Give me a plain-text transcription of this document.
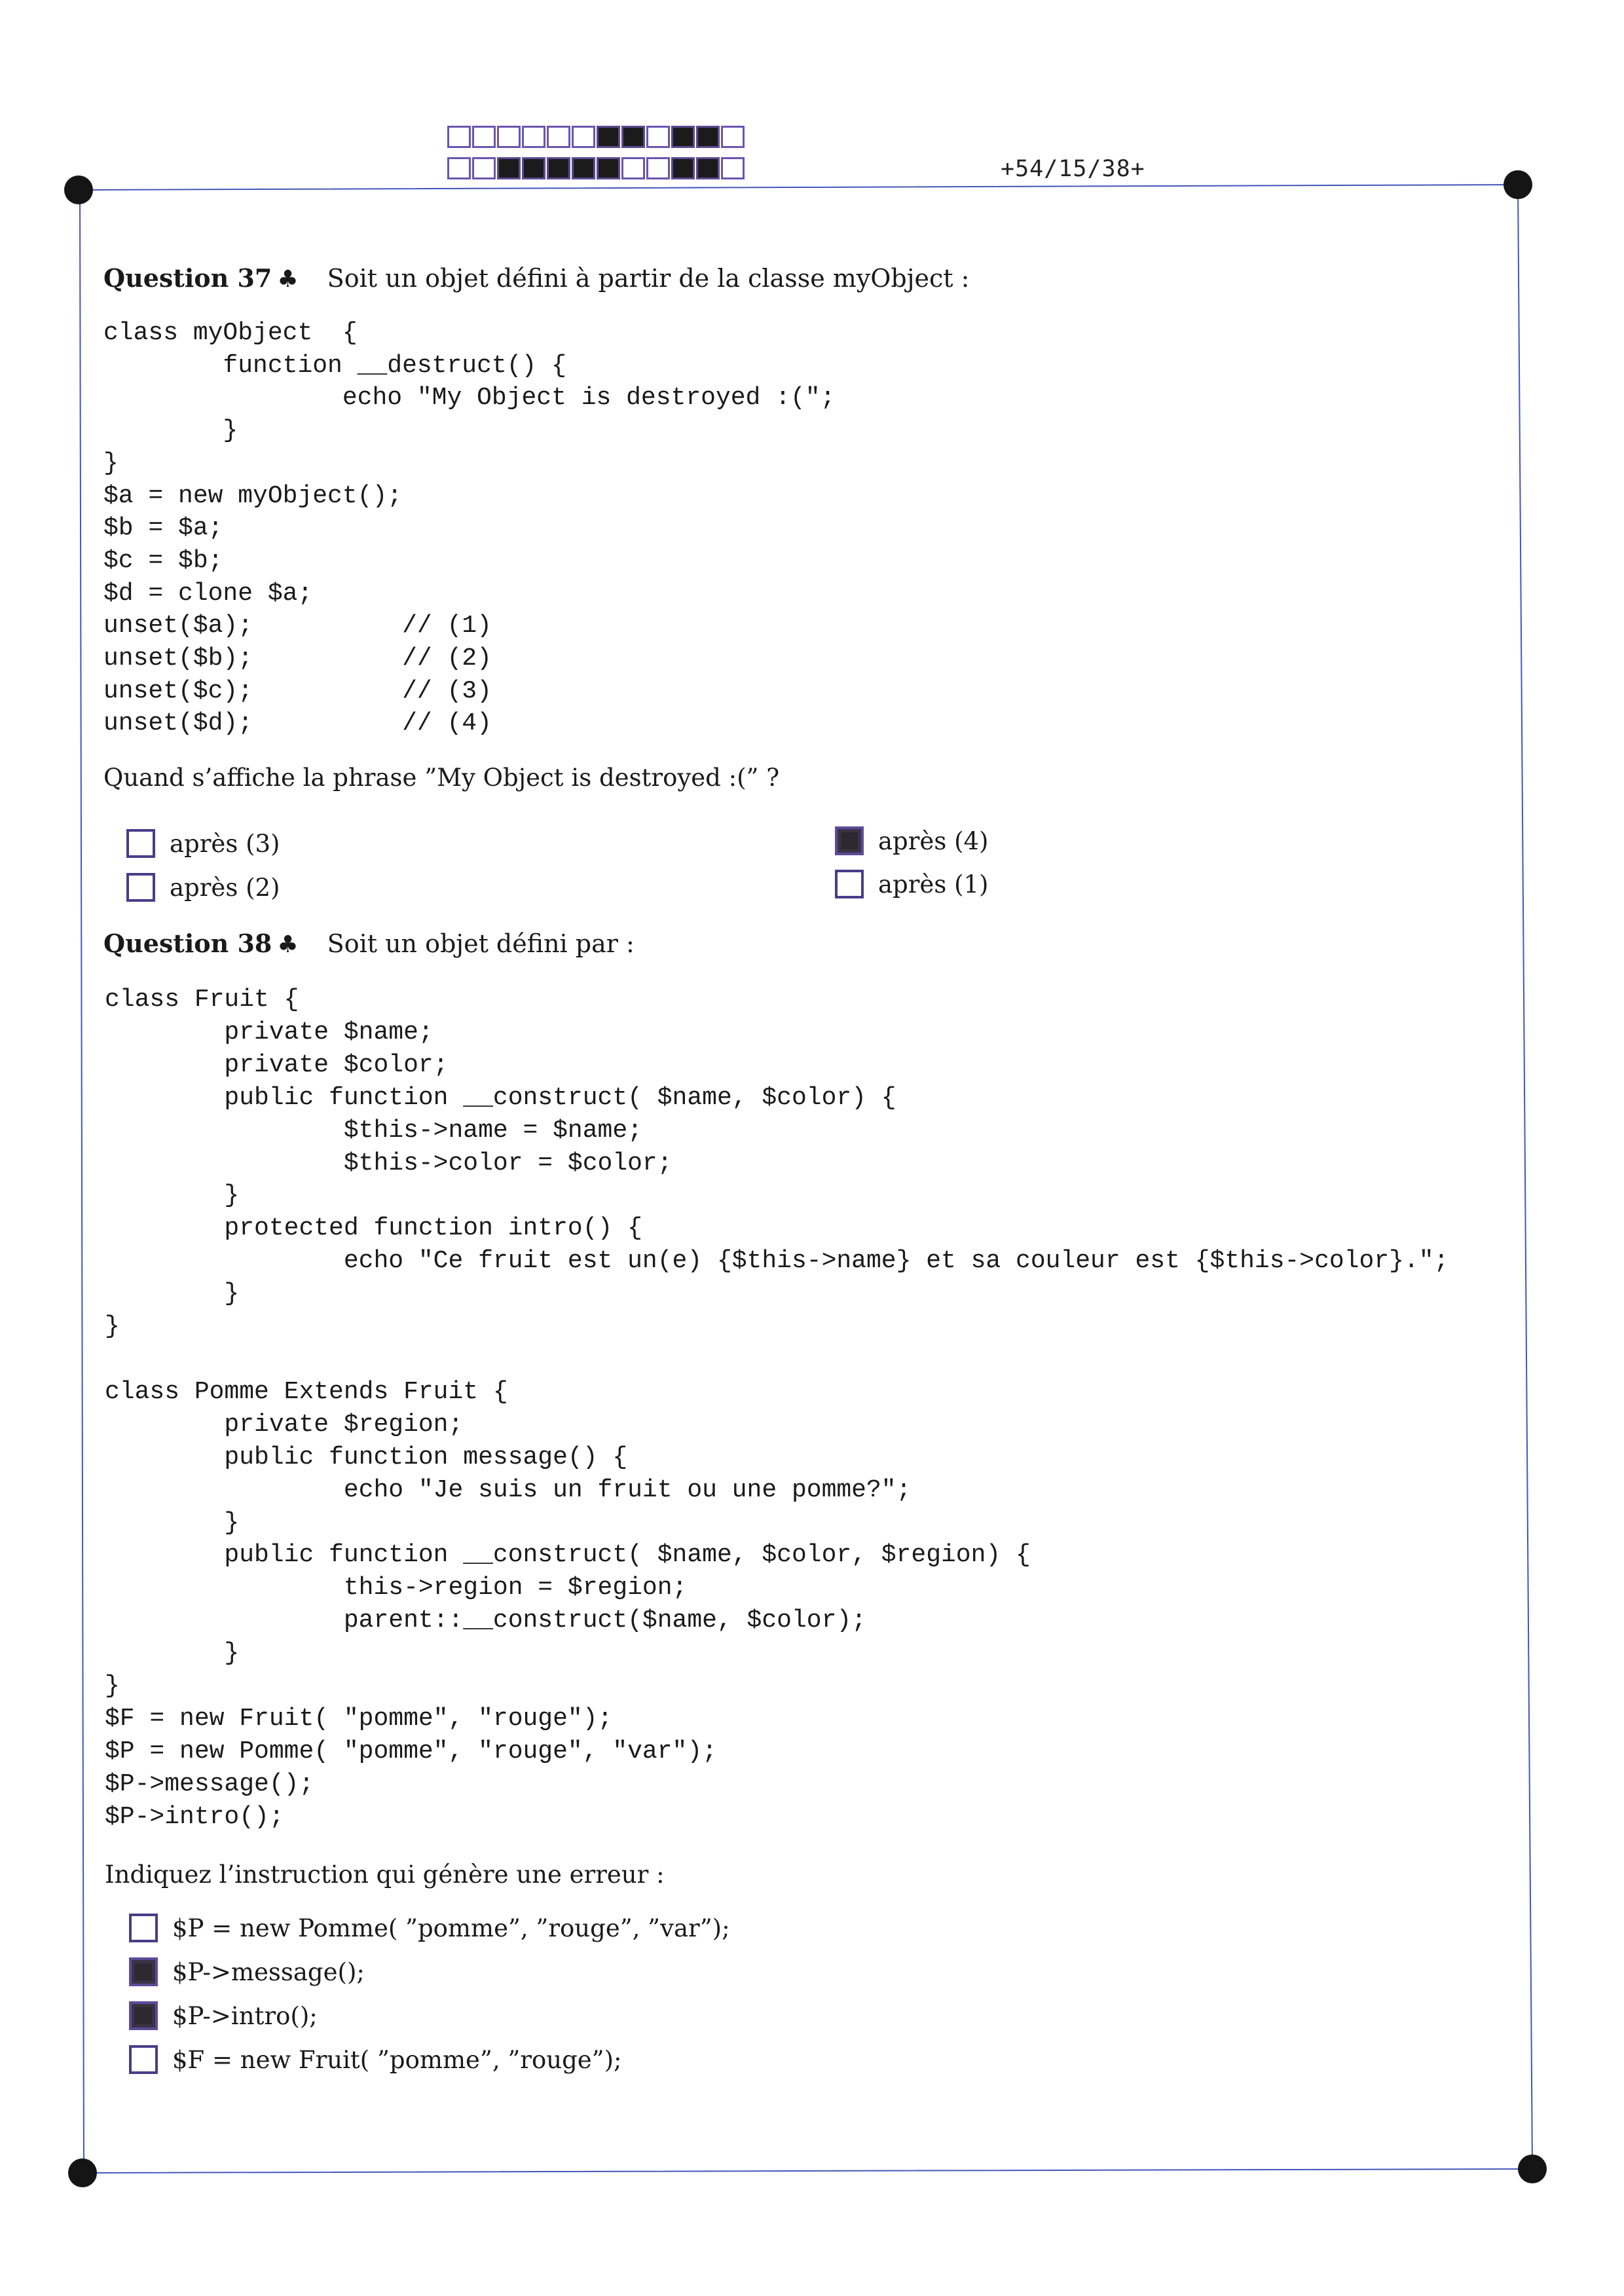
+54/15/38+
Question 37 ♣ Soit un objet défini à partir de la classe myObject :
class myObject  {
function __destruct() {
echo "My Object is destroyed :(";
}
}
$a = new myObject();
$b = $a;
$c = $b;
$d = clone $a;
unset($a);          // (1)
unset($b);          // (2)
unset($c);          // (3)
unset($d);          // (4)
Quand s’affiche la phrase ”My Object is destroyed :(” ?
après (3)
après (2)
après (4)
après (1)
Question 38 ♣ Soit un objet défini par :
class Fruit {
private $name;
private $color;
public function __construct( $name, $color) {
$this->name = $name;
$this->color = $color;
}
protected function intro() {
echo "Ce fruit est un(e) {$this->name} et sa couleur est {$this->color}.";
}
}

class Pomme Extends Fruit {
private $region;
public function message() {
echo "Je suis un fruit ou une pomme?";
}
public function __construct( $name, $color, $region) {
this->region = $region;
parent::__construct($name, $color);
}
}
$F = new Fruit( "pomme", "rouge");
$P = new Pomme( "pomme", "rouge", "var");
$P->message();
$P->intro();
Indiquez l’instruction qui génère une erreur :
$P = new Pomme( ”pomme”, ”rouge”, ”var”);
$P->message();
$P->intro();
$F = new Fruit( ”pomme”, ”rouge”);
